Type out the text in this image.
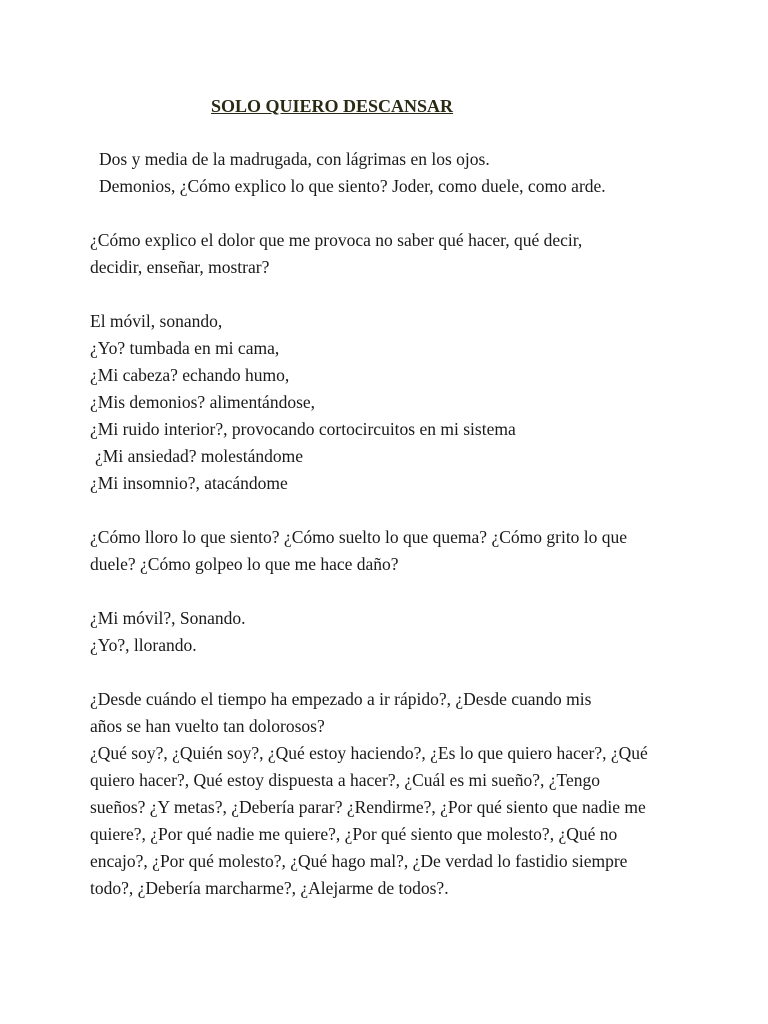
SOLO QUIERO DESCANSAR

Dos y media de la madrugada, con lágrimas en los ojos.
Demonios, ¿Cómo explico lo que siento? Joder, como duele, como arde.

¿Cómo explico el dolor que me provoca no saber qué hacer, qué decir,
decidir, enseñar, mostrar?

El móvil, sonando,
¿Yo? tumbada en mi cama,
¿Mi cabeza? echando humo,
¿Mis demonios? alimentándose,
¿Mi ruido interior?, provocando cortocircuitos en mi sistema
¿Mi ansiedad? molestándome
¿Mi insomnio?, atacándome

¿Cómo lloro lo que siento? ¿Cómo suelto lo que quema? ¿Cómo grito lo que
duele? ¿Cómo golpeo lo que me hace daño?

¿Mi móvil?, Sonando.
¿Yo?, llorando.

¿Desde cuándo el tiempo ha empezado a ir rápido?, ¿Desde cuando mis
años se han vuelto tan dolorosos?
¿Qué soy?, ¿Quién soy?, ¿Qué estoy haciendo?, ¿Es lo que quiero hacer?, ¿Qué
quiero hacer?, Qué estoy dispuesta a hacer?, ¿Cuál es mi sueño?, ¿Tengo
sueños? ¿Y metas?, ¿Debería parar? ¿Rendirme?, ¿Por qué siento que nadie me
quiere?, ¿Por qué nadie me quiere?, ¿Por qué siento que molesto?, ¿Qué no
encajo?, ¿Por qué molesto?, ¿Qué hago mal?, ¿De verdad lo fastidio siempre
todo?, ¿Debería marcharme?, ¿Alejarme de todos?.
